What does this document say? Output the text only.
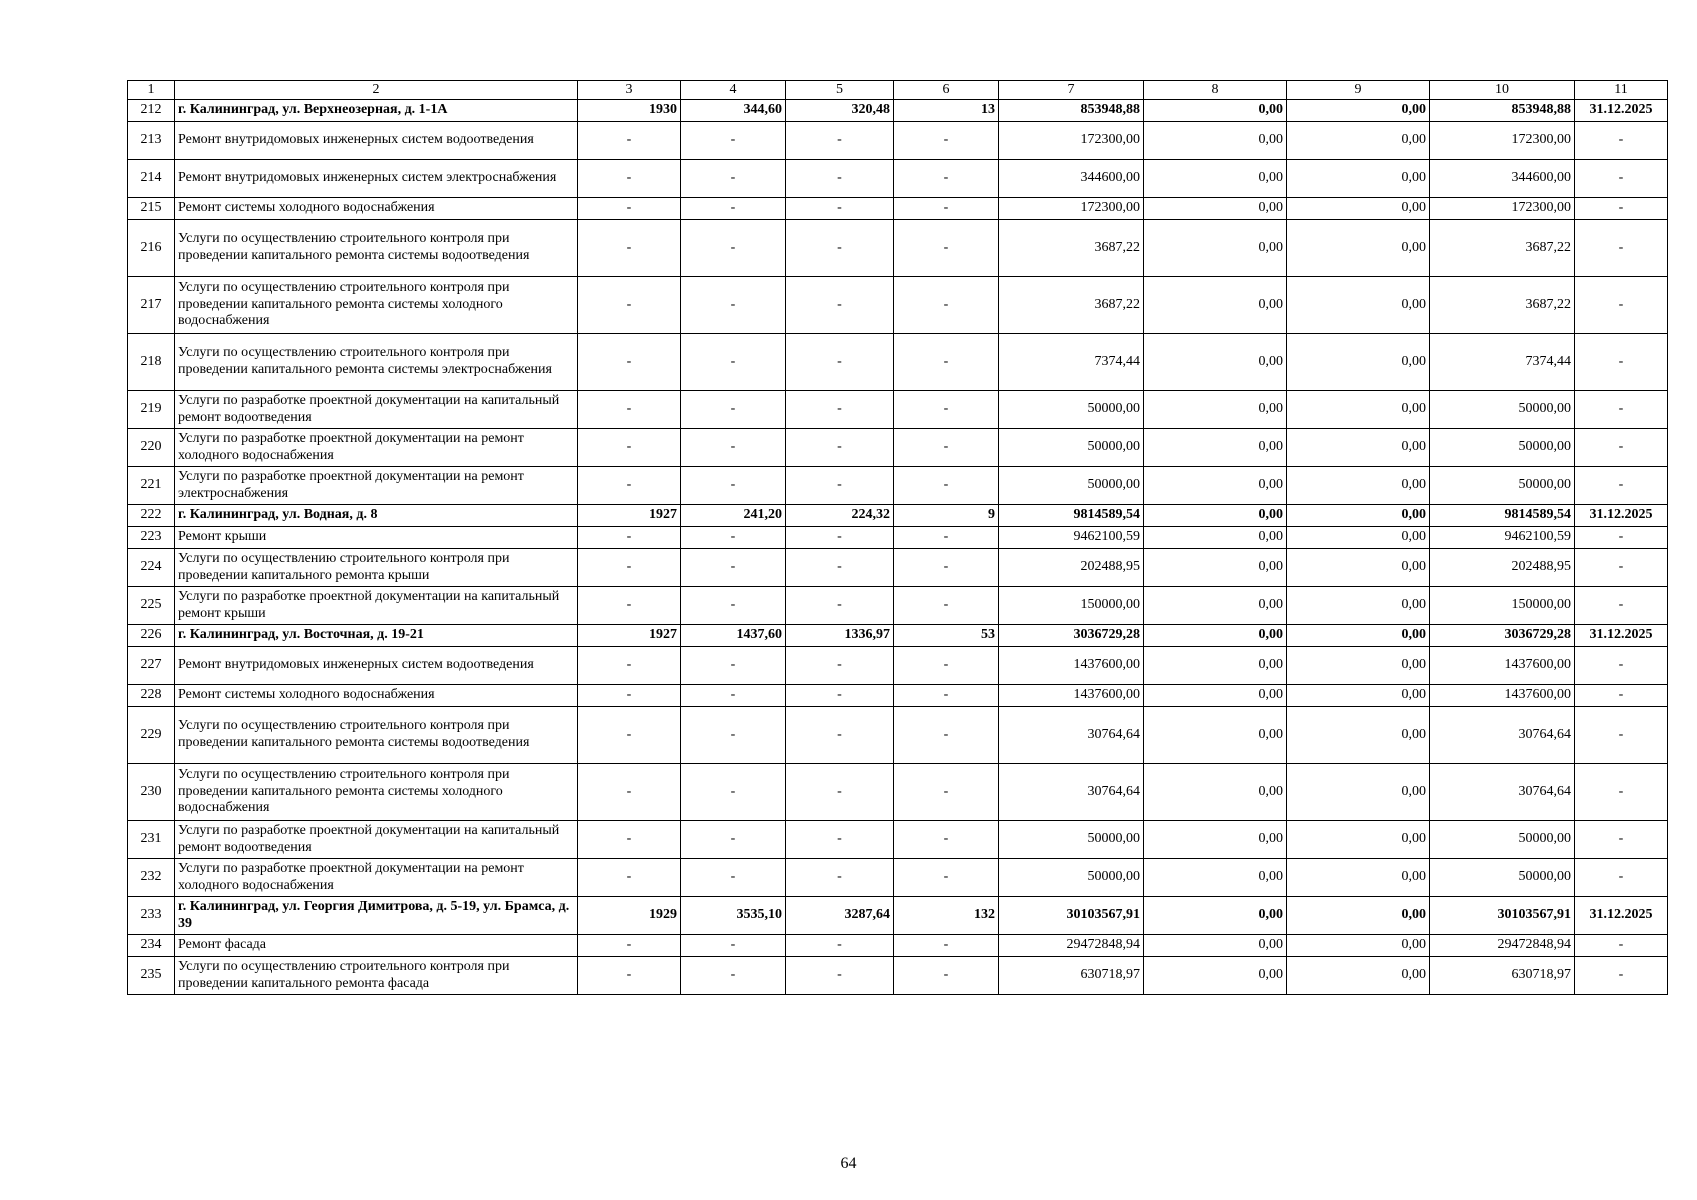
1	2	3	4	5	6	7	8	9	10	11
212	г. Калининград, ул. Верхнеозерная, д. 1-1А	1930	344,60	320,48	13	853948,88	0,00	0,00	853948,88	31.12.2025
213	Ремонт внутридомовых инженерных систем водоотведения	-	-	-	-	172300,00	0,00	0,00	172300,00	-
214	Ремонт внутридомовых инженерных систем электроснабжения	-	-	-	-	344600,00	0,00	0,00	344600,00	-
215	Ремонт системы холодного водоснабжения	-	-	-	-	172300,00	0,00	0,00	172300,00	-
216	Услуги по осуществлению строительного контроля при проведении капитального ремонта системы водоотведения	-	-	-	-	3687,22	0,00	0,00	3687,22	-
217	Услуги по осуществлению строительного контроля при проведении капитального ремонта системы холодного водоснабжения	-	-	-	-	3687,22	0,00	0,00	3687,22	-
218	Услуги по осуществлению строительного контроля при проведении капитального ремонта системы электроснабжения	-	-	-	-	7374,44	0,00	0,00	7374,44	-
219	Услуги по разработке проектной документации на капитальный ремонт водоотведения	-	-	-	-	50000,00	0,00	0,00	50000,00	-
220	Услуги по разработке проектной документации на ремонт холодного водоснабжения	-	-	-	-	50000,00	0,00	0,00	50000,00	-
221	Услуги по разработке проектной документации на ремонт электроснабжения	-	-	-	-	50000,00	0,00	0,00	50000,00	-
222	г. Калининград, ул. Водная, д. 8	1927	241,20	224,32	9	9814589,54	0,00	0,00	9814589,54	31.12.2025
223	Ремонт крыши	-	-	-	-	9462100,59	0,00	0,00	9462100,59	-
224	Услуги по осуществлению строительного контроля при проведении капитального ремонта крыши	-	-	-	-	202488,95	0,00	0,00	202488,95	-
225	Услуги по разработке проектной документации на капитальный ремонт крыши	-	-	-	-	150000,00	0,00	0,00	150000,00	-
226	г. Калининград, ул. Восточная, д. 19-21	1927	1437,60	1336,97	53	3036729,28	0,00	0,00	3036729,28	31.12.2025
227	Ремонт внутридомовых инженерных систем водоотведения	-	-	-	-	1437600,00	0,00	0,00	1437600,00	-
228	Ремонт системы холодного водоснабжения	-	-	-	-	1437600,00	0,00	0,00	1437600,00	-
229	Услуги по осуществлению строительного контроля при проведении капитального ремонта системы водоотведения	-	-	-	-	30764,64	0,00	0,00	30764,64	-
230	Услуги по осуществлению строительного контроля при проведении капитального ремонта системы холодного водоснабжения	-	-	-	-	30764,64	0,00	0,00	30764,64	-
231	Услуги по разработке проектной документации на капитальный ремонт водоотведения	-	-	-	-	50000,00	0,00	0,00	50000,00	-
232	Услуги по разработке проектной документации на ремонт холодного водоснабжения	-	-	-	-	50000,00	0,00	0,00	50000,00	-
233	г. Калининград, ул. Георгия Димитрова, д. 5-19, ул. Брамса, д. 39	1929	3535,10	3287,64	132	30103567,91	0,00	0,00	30103567,91	31.12.2025
234	Ремонт фасада	-	-	-	-	29472848,94	0,00	0,00	29472848,94	-
235	Услуги по осуществлению строительного контроля при проведении капитального ремонта фасада	-	-	-	-	630718,97	0,00	0,00	630718,97	-
64
